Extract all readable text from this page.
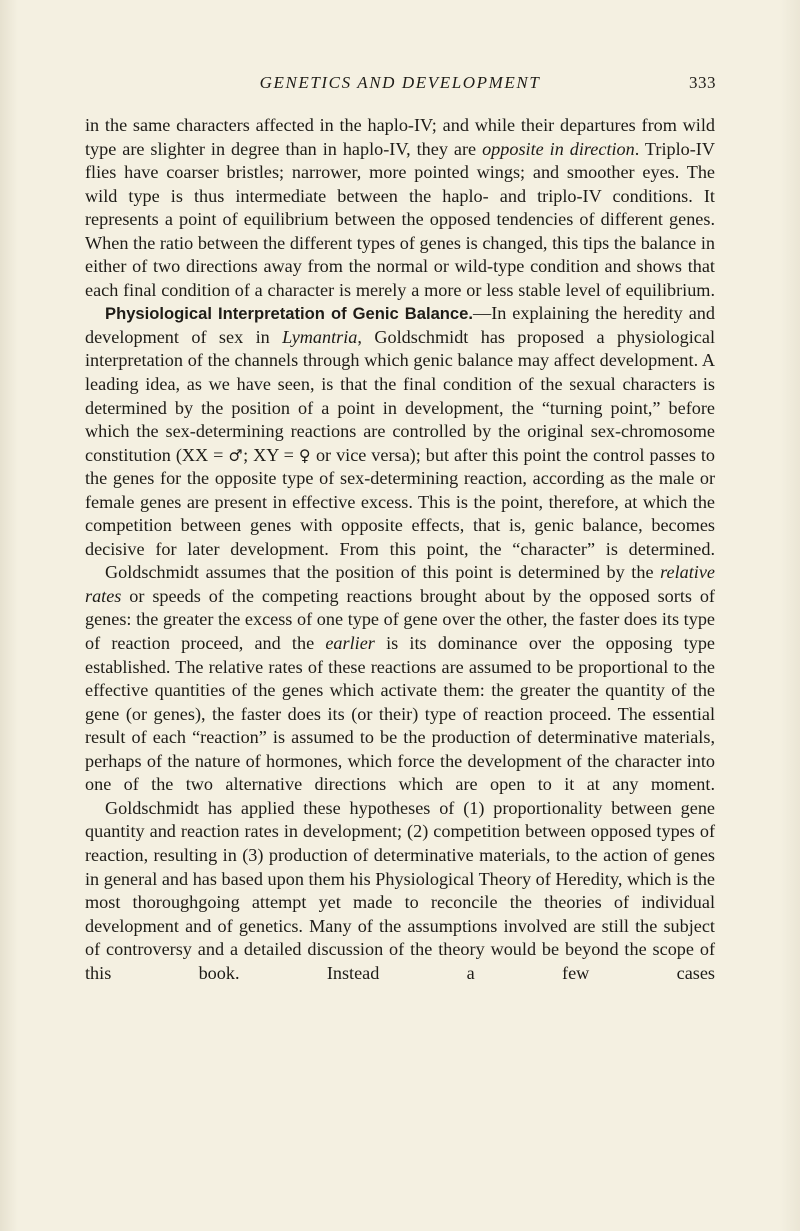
GENETICS AND DEVELOPMENT	333

in the same characters affected in the haplo-IV; and while their departures from wild type are slighter in degree than in haplo-IV, they are opposite in direction. Triplo-IV flies have coarser bristles; narrower, more pointed wings; and smoother eyes. The wild type is thus intermediate between the haplo- and triplo-IV conditions. It represents a point of equilibrium between the opposed tendencies of different genes. When the ratio between the different types of genes is changed, this tips the balance in either of two directions away from the normal or wild-type condition and shows that each final condition of a character is merely a more or less stable level of equilibrium.

Physiological Interpretation of Genic Balance.—In explaining the heredity and development of sex in Lymantria, Goldschmidt has proposed a physiological interpretation of the channels through which genic balance may affect development. A leading idea, as we have seen, is that the final condition of the sexual characters is determined by the position of a point in development, the “turning point,” before which the sex-determining reactions are controlled by the original sex-chromosome constitution (XX = ♂; XY = ♀ or vice versa); but after this point the control passes to the genes for the opposite type of sex-determining reaction, according as the male or female genes are present in effective excess. This is the point, therefore, at which the competition between genes with opposite effects, that is, genic balance, becomes decisive for later development. From this point, the “character” is determined.

Goldschmidt assumes that the position of this point is determined by the relative rates or speeds of the competing reactions brought about by the opposed sorts of genes: the greater the excess of one type of gene over the other, the faster does its type of reaction proceed, and the earlier is its dominance over the opposing type established. The relative rates of these reactions are assumed to be proportional to the effective quantities of the genes which activate them: the greater the quantity of the gene (or genes), the faster does its (or their) type of reaction proceed. The essential result of each “reaction” is assumed to be the production of determinative materials, perhaps of the nature of hormones, which force the development of the character into one of the two alternative directions which are open to it at any moment.

Goldschmidt has applied these hypotheses of (1) proportionality between gene quantity and reaction rates in development; (2) competition between opposed types of reaction, resulting in (3) production of determinative materials, to the action of genes in general and has based upon them his Physiological Theory of Heredity, which is the most thoroughgoing attempt yet made to reconcile the theories of individual development and of genetics. Many of the assumptions involved are still the subject of controversy and a detailed discussion of the theory would be beyond the scope of this book. Instead a few cases
